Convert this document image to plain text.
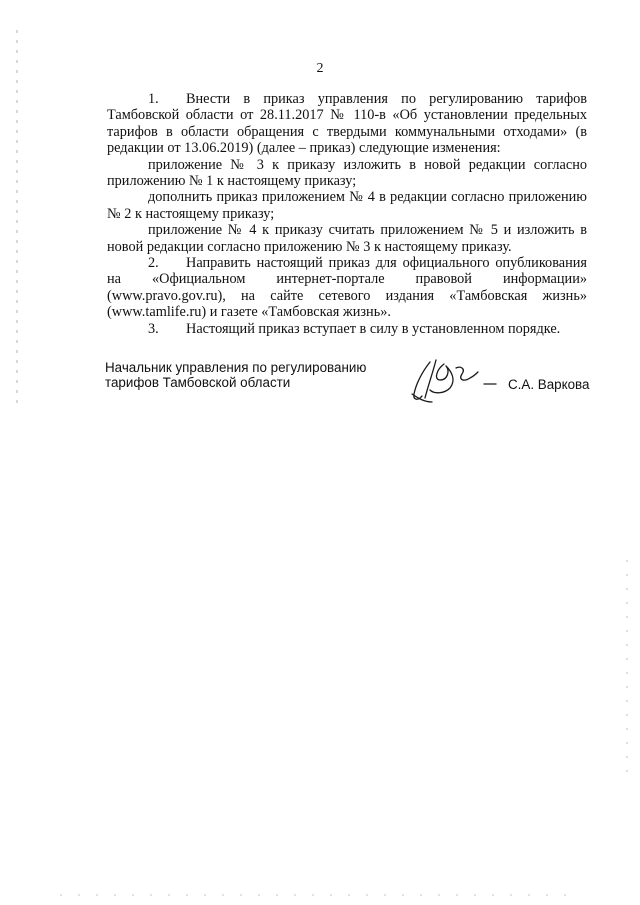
2

1. Внести в приказ управления по регулированию тарифов Тамбовской области от 28.11.2017 № 110-в «Об установлении предельных тарифов в области обращения с твердыми коммунальными отходами» (в редакции от 13.06.2019) (далее – приказ) следующие изменения:

приложение № 3 к приказу изложить в новой редакции согласно приложению № 1 к настоящему приказу;

дополнить приказ приложением № 4 в редакции согласно приложению № 2 к настоящему приказу;

приложение № 4 к приказу считать приложением № 5 и изложить в новой редакции согласно приложению № 3 к настоящему приказу.

2. Направить настоящий приказ для официального опубликования на «Официальном интернет-портале правовой информации» (www.pravo.gov.ru), на сайте сетевого издания «Тамбовская жизнь» (www.tamlife.ru) и газете «Тамбовская жизнь».

3. Настоящий приказ вступает в силу в установленном порядке.

Начальник управления по регулированию
тарифов Тамбовской области	С.А. Варкова
